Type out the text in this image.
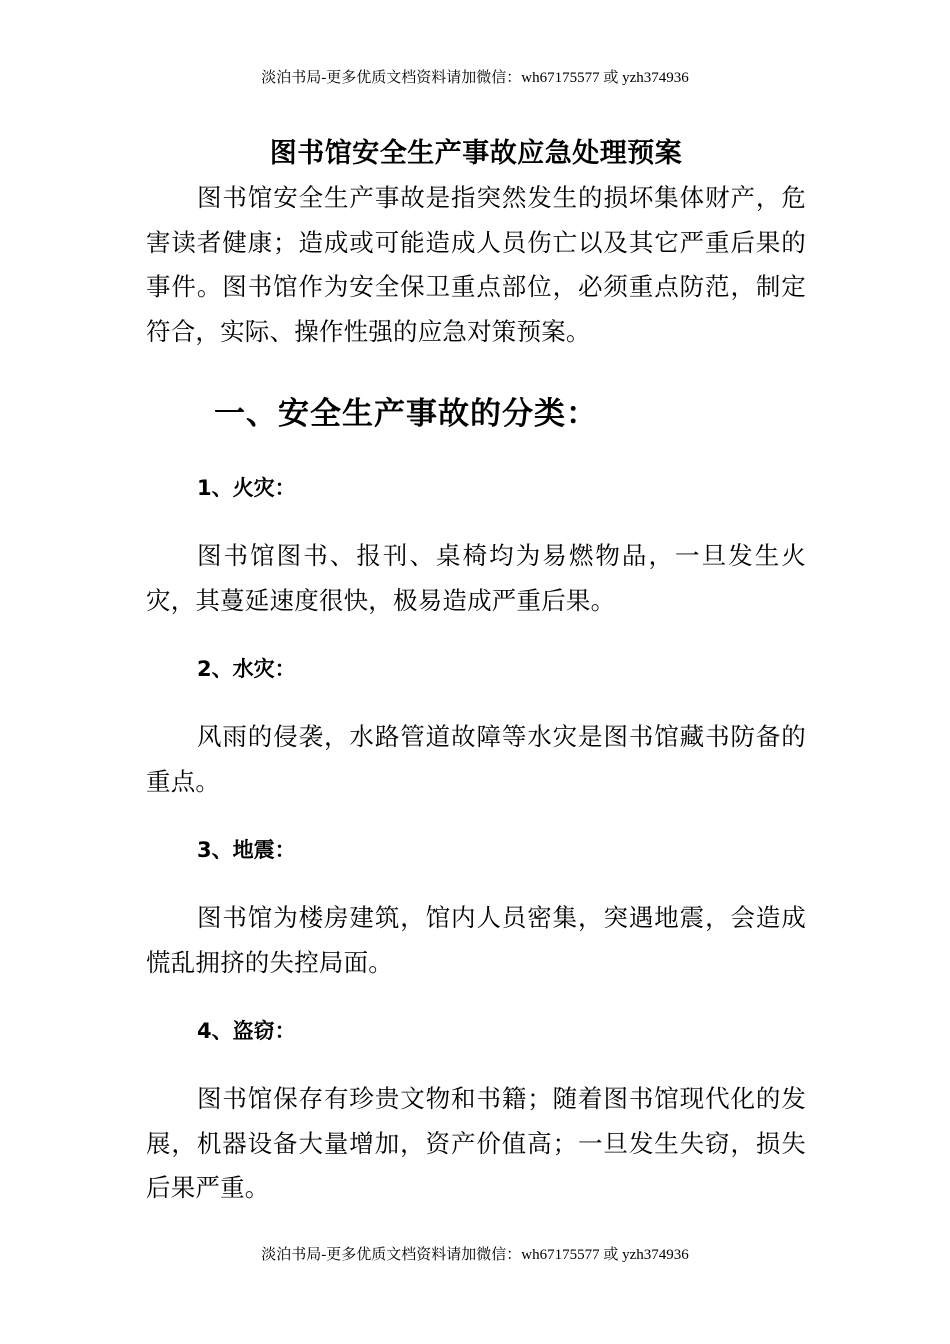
淡泊书局-更多优质文档资料请加微信：wh67175577 或 yzh374936
图书馆安全生产事故应急处理预案

图书馆安全生产事故是指突然发生的损坏集体财产，危害读者健康；造成或可能造成人员伤亡以及其它严重后果的事件。图书馆作为安全保卫重点部位，必须重点防范，制定符合，实际、操作性强的应急对策预案。

一、安全生产事故的分类：
1、火灾：

图书馆图书、报刊、桌椅均为易燃物品，一旦发生火灾，其蔓延速度很快，极易造成严重后果。

2、水灾：

风雨的侵袭，水路管道故障等水灾是图书馆藏书防备的重点。

3、地震：

图书馆为楼房建筑，馆内人员密集，突遇地震，会造成慌乱拥挤的失控局面。

4、盗窃：

图书馆保存有珍贵文物和书籍；随着图书馆现代化的发展，机器设备大量增加，资产价值高；一旦发生失窃，损失后果严重。

淡泊书局-更多优质文档资料请加微信：wh67175577 或 yzh374936
